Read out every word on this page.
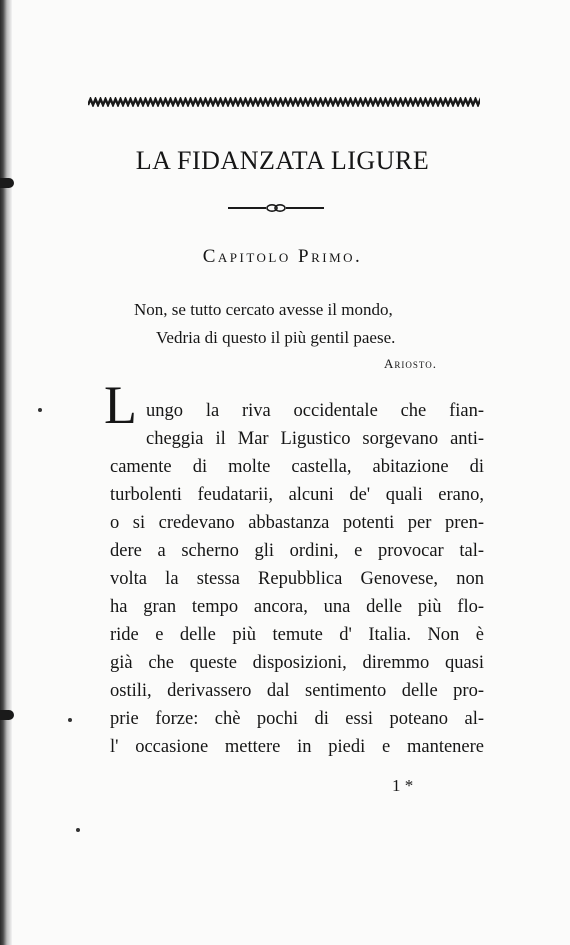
LA FIDANZATA LIGURE
Capitolo Primo.
Non, se tutto cercato avesse il mondo,
Vedria di questo il più gentil paese.
Ariosto.
L ungo la riva occidentale che fian-
cheggia il Mar Ligustico sorgevano anti-
camente di molte castella, abitazione di
turbolenti feudatarii, alcuni de' quali erano,
o si credevano abbastanza potenti per pren-
dere a scherno gli ordini, e provocar tal-
volta la stessa Repubblica Genovese, non
ha gran tempo ancora, una delle più flo-
ride e delle più temute d' Italia. Non è
già che queste disposizioni, diremmo quasi
ostili, derivassero dal sentimento delle pro-
prie forze: chè pochi di essi poteano al-
l' occasione mettere in piedi e mantenere
1 *
